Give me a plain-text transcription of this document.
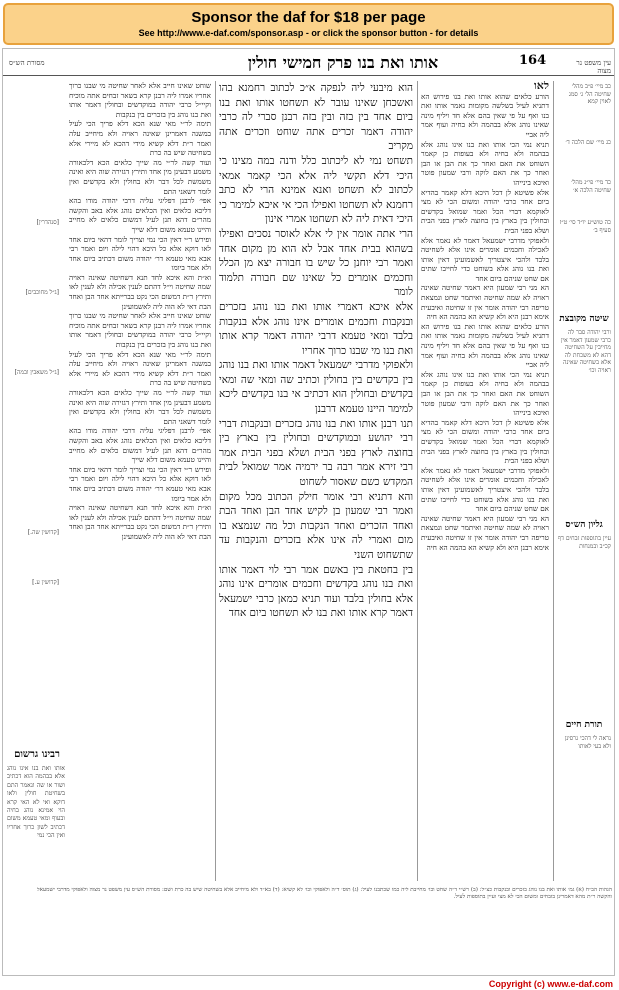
Sponsor the daf for $18 per page
See http://www.e-daf.com/sponsor.asp - or click the sponsor button - for details
מסורת הש״ס	אותו ואת בנו פרק חמישי חולין	164	עין משפט נר מצוה
[סנהדרין]
[ג״ל מחוכבים]
[ג״ל משאבין ובמה]
[קדושין שה.]
[קדושין ע.]
רבינו גרשום

אותו ואת בנו אינו נוהג אלא בבהמה הוא דכתיב ושור או שה ונאמר התם בשחיטת חולין ולאו דוקא ואי לא האי קרא הוי אמינא נוהג בחיה ובעוף ומאי טעמא משום דכתיב לשון כרוך אחריו ואין הכי נמי

שוחט שאינו חייב אלא לאחר שחיטה מי שבנו כרוך אחריו אמרו ליה רבנן קרא בשאר זבחים אתה מוכיח וקיי״ל כרבי יהודה במוקדשים ובחולין דאמר אותו ואת בנו נוהג בין בזכרים בין בנקבות

תימה לר״י מאי שנא הכא דלא פריך הכי לעיל במשנה דאמרינן שאינה ראויה ולא מיחייב עלה ואמר ר״ת דלא קשיא מידי דהכא לא מיירי אלא בשחיטה שיש בה כרת

ועוד קשה לר״י מה שייך כלאים הכא דלכאורה משמע דבעינן מין אחד ותירץ דגזירה שוה היא ואינה משמשת לכל דבר ולא בחולין ולא בקדשים ואין לומר דשאני התם

אפי׳ לרבנן דפליגי עליה דרבי יהודה מודו בהא דליכא כלאים ואין הכלאים נוהג אלא באב והקשה מהר״ם דהא תנן לעיל דמשום כלאים לא מחייב והיינו טעמא משום דלא שייך

ופירש ר״י דאין הכי נמי וצריך לומר דהאי ביום אחד לאו דוקא אלא כל היכא דהוי לילה ויום ואמר רבי אבא מאי טעמא דר׳ יהודה משום דכתיב ביום אחד ולא אמר ביומו

וא״ת והא איכא לחד תנא דשחיטה שאינה ראויה שמה שחיטה וי״ל דהתם לענין אכילה ולא לענין לאו ותירץ ר״ת דמשום הכי נקט בברייתא אחד הבן ואחד הבת דאי לא הוה ליה לאשמועינן

שוחט שאינו חייב אלא לאחר שחיטה מי שבנו כרוך אחריו אמרו ליה רבנן קרא בשאר זבחים אתה מוכיח וקיי״ל כרבי יהודה במוקדשים ובחולין דאמר אותו ואת בנו נוהג בין בזכרים בין בנקבות

תימה לר״י מאי שנא הכא דלא פריך הכי לעיל במשנה דאמרינן שאינה ראויה ולא מיחייב עלה ואמר ר״ת דלא קשיא מידי דהכא לא מיירי אלא בשחיטה שיש בה כרת

ועוד קשה לר״י מה שייך כלאים הכא דלכאורה משמע דבעינן מין אחד ותירץ דגזירה שוה היא ואינה משמשת לכל דבר ולא בחולין ולא בקדשים ואין לומר דשאני התם

אפי׳ לרבנן דפליגי עליה דרבי יהודה מודו בהא דליכא כלאים ואין הכלאים נוהג אלא באב והקשה מהר״ם דהא תנן לעיל דמשום כלאים לא מחייב והיינו טעמא משום דלא שייך

ופירש ר״י דאין הכי נמי וצריך לומר דהאי ביום אחד לאו דוקא אלא כל היכא דהוי לילה ויום ואמר רבי אבא מאי טעמא דר׳ יהודה משום דכתיב ביום אחד ולא אמר ביומו

וא״ת והא איכא לחד תנא דשחיטה שאינה ראויה שמה שחיטה וי״ל דהתם לענין אכילה ולא לענין לאו ותירץ ר״ת דמשום הכי נקט בברייתא אחד הבן ואחד הבת דאי לא הוה ליה לאשמועינן

הוא מיבעי ליה לנפקה א״כ לכתוב רחמנא בהו ואשכחן שאינו עובר לא תשחטו אותו ואת בנו ביום אחד בין בזה ובין בזה רבנן סברי לה כרבי יהודה דאמר זכרים אתה שוחט וזכרים אתה מקריב

תשחט נמי לא ליכתוב כלל ודנה במה מצינו כי היכי דלא תקשי ליה אלא הכי קאמר אמאי לכתוב לא תשחט ואנא אמינא הרי לא כתב רחמנא לא תשחטו ואפילו הכי אי איכא למימר כי היכי דאית ליה לא תשחטו אמרי אינון

הרי אתה אומר אין לי אלא לאוסר נסכים ואפילו בשהוא בבית אחד אבל לא הוא מן מקום אחד ואמר רבי יוחנן כל שיש בו חבורה יצא מן הכלל וחכמים אומרים כל שאינו שם חבורה תלמוד לומר

אלא איכא דאמרי אותו ואת בנו נוהג בזכרים ובנקבות וחכמים אומרים אינו נוהג אלא בנקבות בלבד ומאי טעמא דרבי יהודה דאמר קרא אותו ואת בנו מי שבנו כרוך אחריו

ולאפוקי מדרבי ישמעאל דאמר אותו ואת בנו נוהג בין בקדשים בין בחולין וכתיב שה ומאי שה ומאי בקדשים ובחולין הוא דכתיב אי בנו בקדשים ליכא למימר היינו טעמא דרבנן

תנו רבנן אותו ואת בנו נוהג בזכרים ובנקבות דברי רבי יהושע ובמוקדשים ובחולין בין בארץ בין בחוצה לארץ בפני הבית ושלא בפני הבית אמר רבי זירא אמר רבה בר ירמיה אמר שמואל לבית המקדש כשם שאסור לשחוט

והא דתניא רבי אומר חילק הכתוב מכל מקום ואמר רבי שמעון בן לקיש אחד הבן ואחד הבת ואחד הזכרים ואחד הנקבות וכל מה שנמצא בו מום ואמרי לה אינו אלא בזכרים והנקבות עד שתשחוט השני

בין בחטאת בין באשם אמר רבי לוי דאמר אותו ואת בנו נוהג בקדשים וחכמים אומרים אינו נוהג אלא בחולין בלבד ועוד תניא כמאן כרבי ישמעאל דאמר קרא אותו ואת בנו לא תשחטו ביום אחד

לאו

הורע כלאים שהוא אותו ואת בנו פירוש הא דתניא לעיל בשלשה מקומות נאמר אותו ואת בנו ואף על פי שאין בהם אלא חד ויליף מינה שאינו נוהג אלא בבהמה ולא בחיה ועוף אמר ליה אביי

תניא נמי הכי אותו ואת בנו אינו נוהג אלא בבהמה ולא בחיה ולא בעופות כן קאמר השוחט את האם ואחר כך את הבן או הבן ואחר כך את האם לוקה ורבי שמעון פוטר ואיכא בינייהו

אלא פשיטא לן דכל היכא דלא קאמר בהדיא ביום אחד כרבי יהודה ומשום הכי לא מצי לאוקמא דברי הכל ואמר שמואל בקדשים ובחולין בין בארץ בין בחוצה לארץ בפני הבית ושלא בפני הבית

ולאפוקי מדרבי ישמעאל דאמר לא נאמר אלא לאכילה וחכמים אומרים אינו אלא לשחיטה בלבד ולהכי איצטריך לאשמועינן דאין אותו ואת בנו נוהג אלא בשוחט כדי לחייבו שתים אם שחט שניהם ביום אחד

הא מני רבי שמעון היא דאמר שחיטה שאינה ראויה לא שמה שחיטה ואיתמר שחט ונמצאת טריפה רבי יהודה אומר אין זו שחיטה ואיבעית אימא רבנן היא ולא קשיא הא בהמה הא חיה

הורע כלאים שהוא אותו ואת בנו פירוש הא דתניא לעיל בשלשה מקומות נאמר אותו ואת בנו ואף על פי שאין בהם אלא חד ויליף מינה שאינו נוהג אלא בבהמה ולא בחיה ועוף אמר ליה אביי

תניא נמי הכי אותו ואת בנו אינו נוהג אלא בבהמה ולא בחיה ולא בעופות כן קאמר השוחט את האם ואחר כך את הבן או הבן ואחר כך את האם לוקה ורבי שמעון פוטר ואיכא בינייהו

אלא פשיטא לן דכל היכא דלא קאמר בהדיא ביום אחד כרבי יהודה ומשום הכי לא מצי לאוקמא דברי הכל ואמר שמואל בקדשים ובחולין בין בארץ בין בחוצה לארץ בפני הבית ושלא בפני הבית

ולאפוקי מדרבי ישמעאל דאמר לא נאמר אלא לאכילה וחכמים אומרים אינו אלא לשחיטה בלבד ולהכי איצטריך לאשמועינן דאין אותו ואת בנו נוהג אלא בשוחט כדי לחייבו שתים אם שחט שניהם ביום אחד

הא מני רבי שמעון היא דאמר שחיטה שאינה ראויה לא שמה שחיטה ואיתמר שחט ונמצאת טריפה רבי יהודה אומר אין זו שחיטה ואיבעית אימא רבנן היא ולא קשיא הא בהמה הא חיה

כב מיי׳ פ״ב מהל׳ שחיטה הל׳ ג׳ סמג לאוין קמא
כג מיי׳ שם הלכה ד׳
כד מיי׳ פי״ג מהל׳ שחיטה הלכה א׳
כה טוש״ע יו״ד סי׳ ט״ז סעיף ב׳
שיטה מקובצת
ורבי יהודה סבר לה כרבי שמעון דאמר אין מחייבין על השחיטה דהא לא משכחת לה אלא בשחיטה שאינה ראויה וכו׳
גליון הש״ס
עיין בתוספות זבחים דף קכ״ב ובמנחות
תורת חיים
נראה לי דהכי גרסינן ולא בעי לאותו

הגהות הב״ח (א) גמ׳ אותו ואת בנו נוהג בזכרים ובנקבות כצ״ל: (ב) רש״י ד״ה שחט וכו׳ מחייבת ליה כמו שכתבנו לעיל: (ג) תוס׳ ד״ה ולאפוקי וכו׳ לא קשיא: (ד) בא״ד ולא מיחייב אלא בשחיטה שיש בה כרת ושם: מסורת הש״ס עין משפט נר מצוה ולאפוקי מדרבי ישמעאל והקשה ר״ת מהא דאמרינן בזבחים ומשום הכי לא מצי ועיין בתוספות לעיל.

Copyright (c) www.e-daf.com
